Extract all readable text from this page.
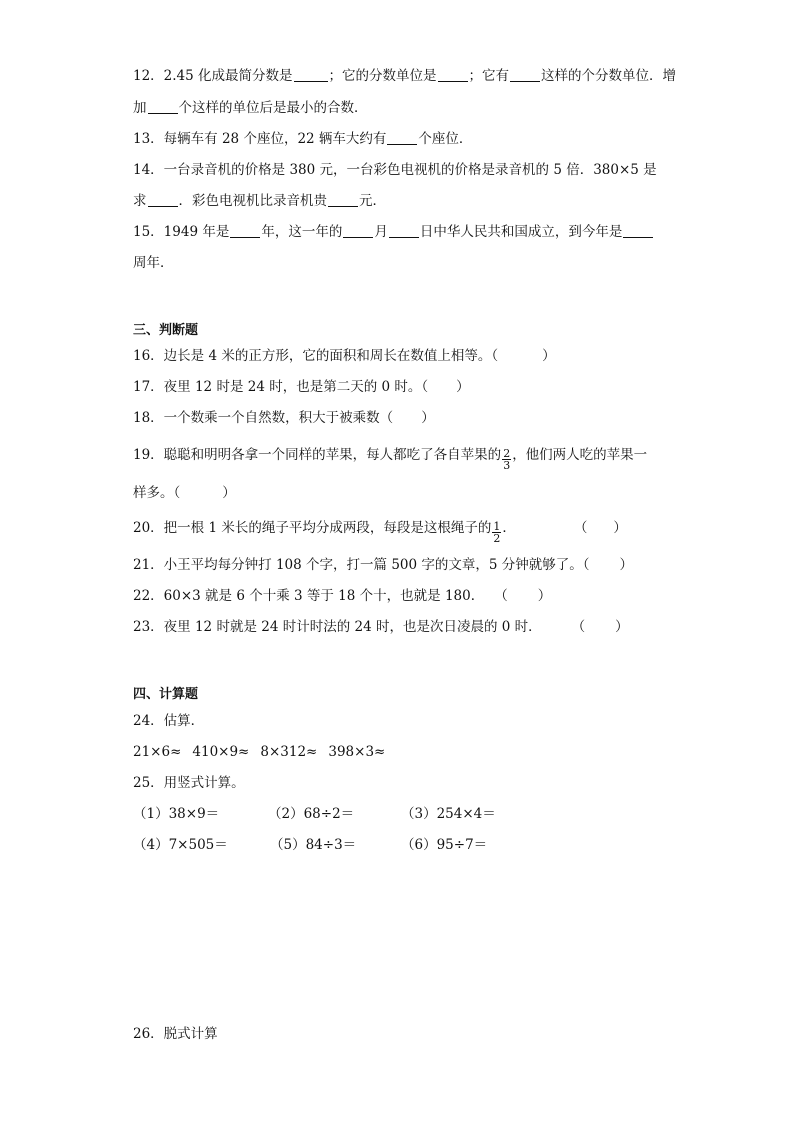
12．2.45 化成最简分数是	；它的分数单位是 ；它有 这样的个分数单位．增
加 个这样的单位后是最小的合数．
13．每辆车有 28 个座位，22 辆车大约有 个座位．
14．一台录音机的价格是 380 元，一台彩色电视机的价格是录音机的 5 倍．380×5 是
求 ．彩色电视机比录音机贵 元．
15．1949 年是 年，这一年的 月 日中华人民共和国成立，到今年是
周年．
三、判断题
16．边长是 4 米的正方形，它的面积和周长在数值上相等。（	）
17．夜里 12 时是 24 时，也是第二天的 0 时。（ ）
18．一个数乘一个自然数，积大于被乘数（ ）
19．聪聪和明明各拿一个同样的苹果，每人都吃了各自苹果的 $\frac{2}{3}$ ，他们两人吃的苹果一
样多。（	）
20．把一根 1 米长的绳子平均分成两段，每段是这根绳子的 $\frac{1}{2}$ ．	（ ）
21．小王平均每分钟打 108 个字，打一篇 500 字的文章，5 分钟就够了。（ ）
22．60×3 就是 6 个十乘 3 等于 18 个十，也就是 180． （ ）
23．夜里 12 时就是 24 时计时法的 24 时，也是次日凌晨的 0 时． （ ）
四、计算题
24．估算．
21×6≈ 410×9≈ 8×312≈ 398×3≈
25．用竖式计算。
（1）38×9＝	（2）68÷2＝	（3）254×4＝
（4）7×505＝	（5）84÷3＝	（6）95÷7＝
26．脱式计算
